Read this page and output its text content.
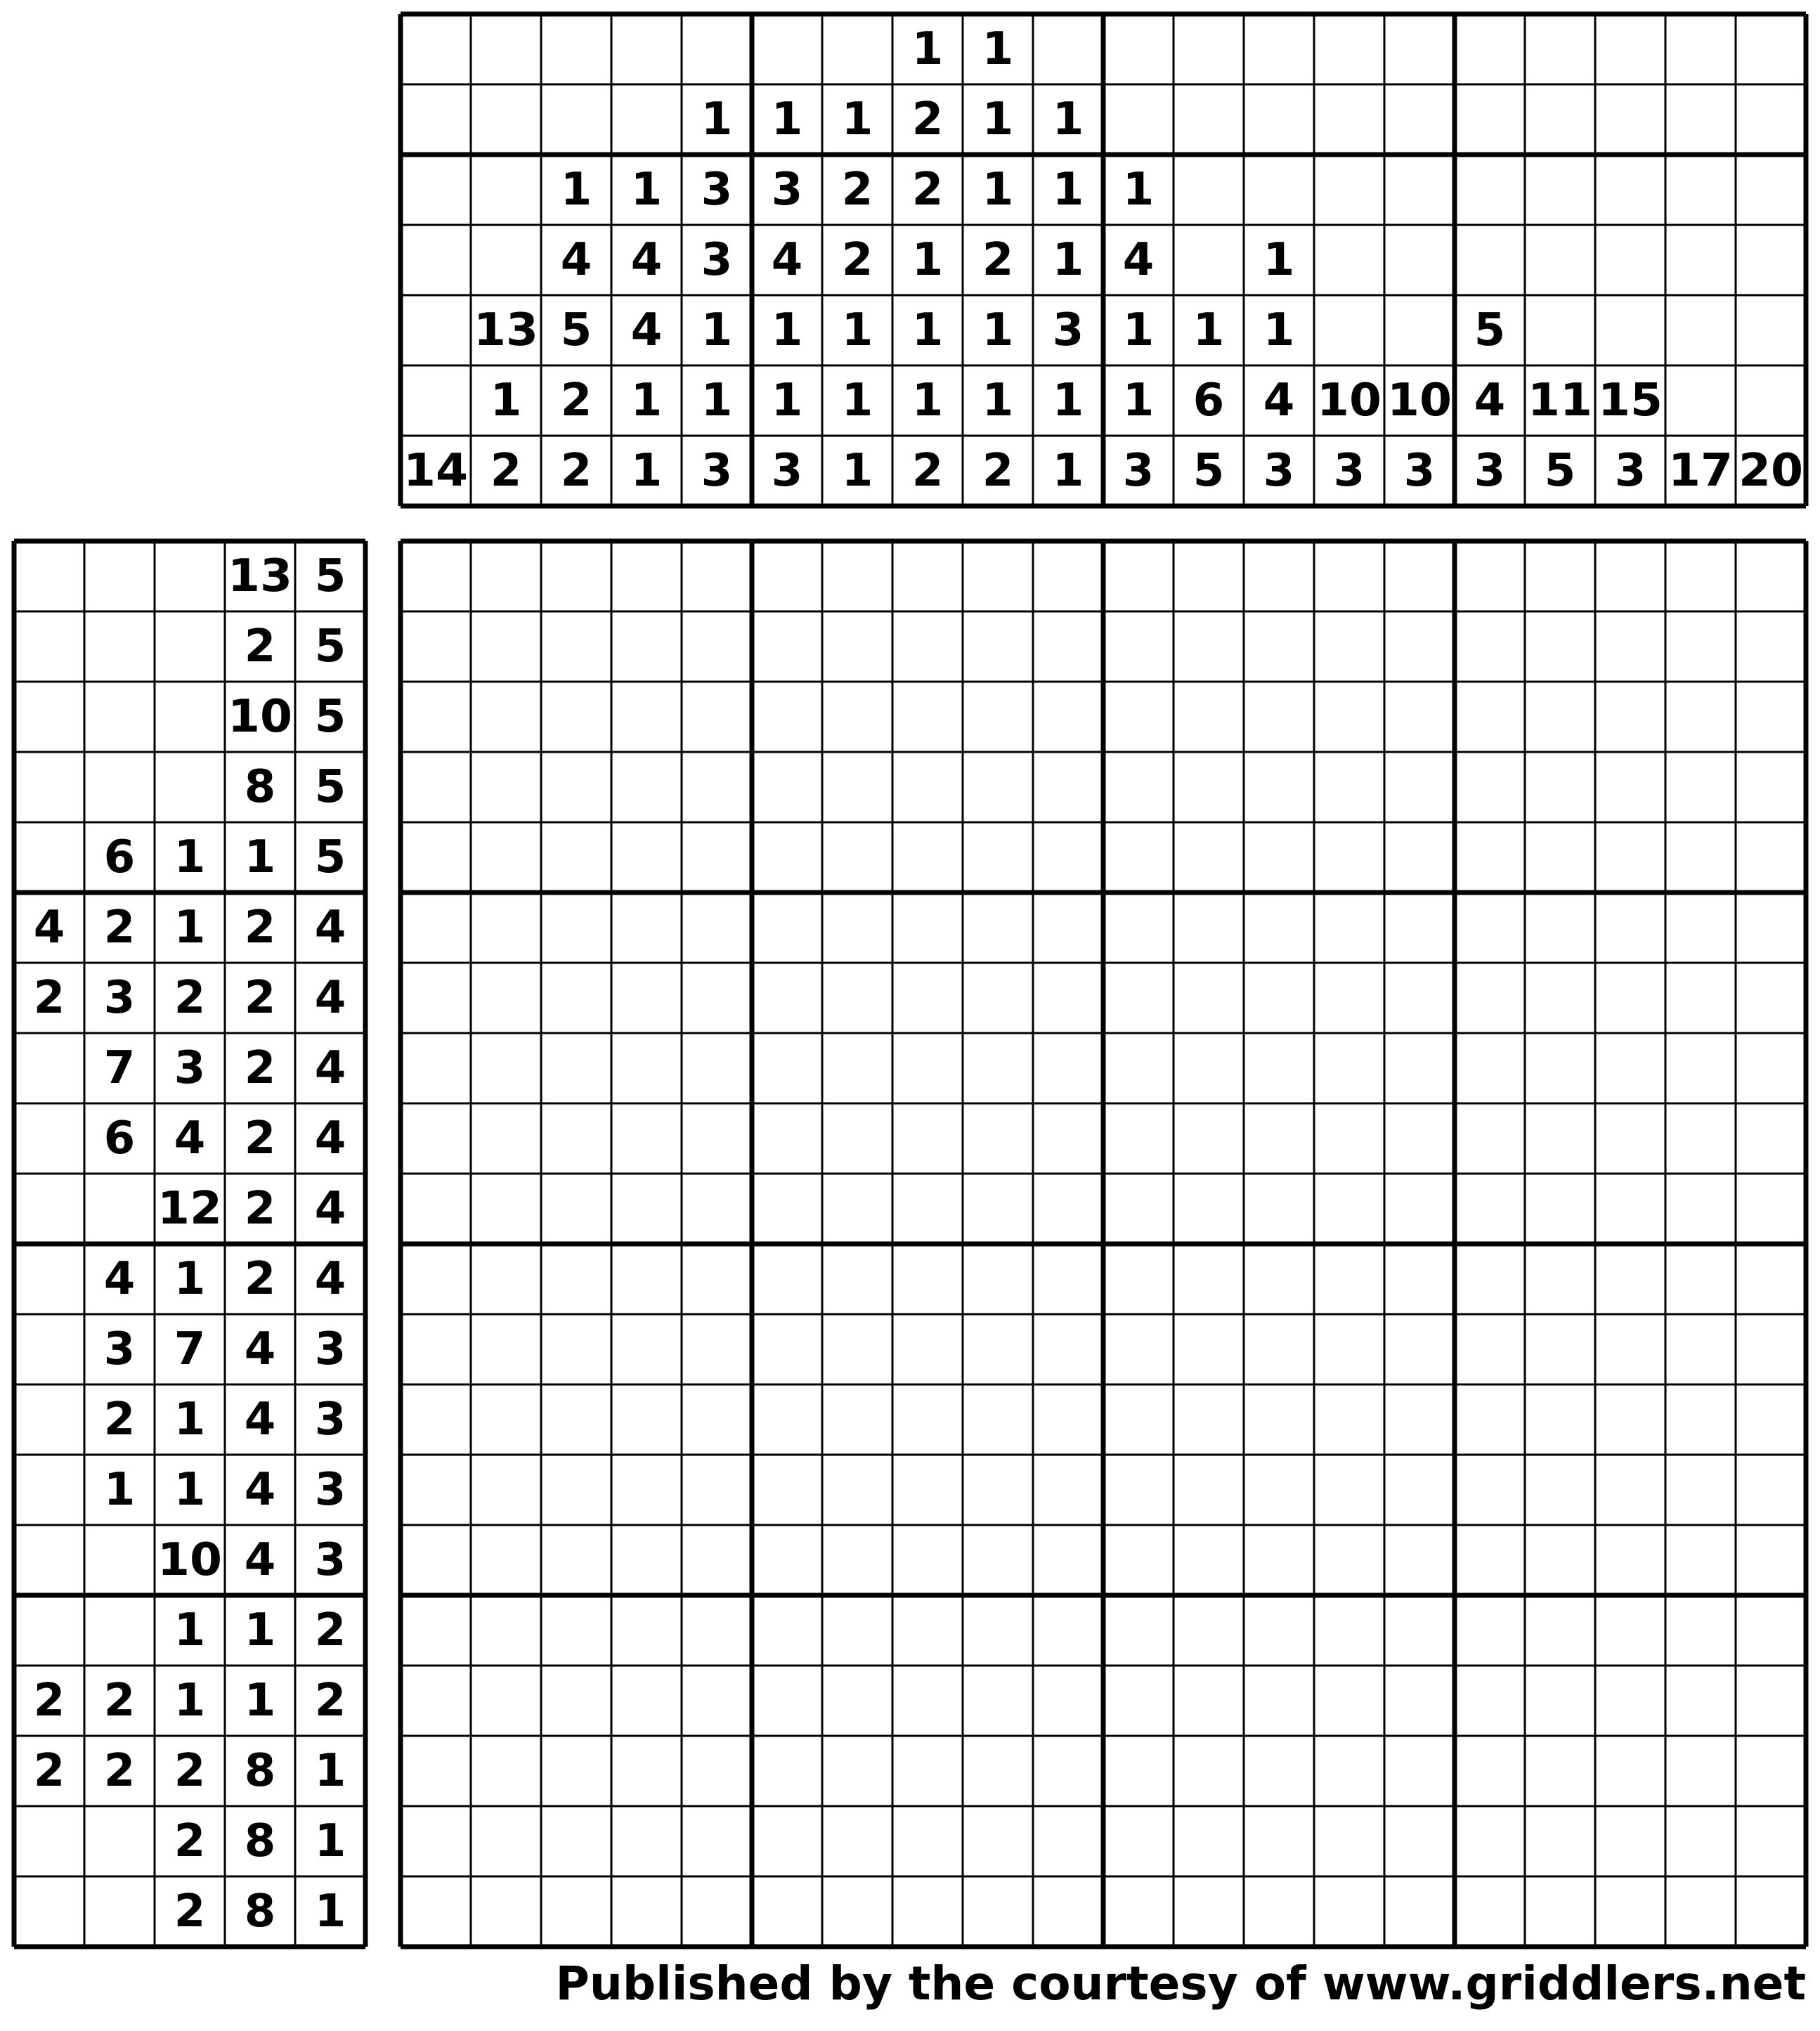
14
13
1
2
1
4
5
2
2
1
4
4
1
1
1
3
3
1
1
3
1
3
4
1
1
3
1
2
2
1
1
1
1
2
2
1
1
1
2
1
1
1
2
1
1
2
1
1
1
3
1
1
1
4
1
1
3
1
6
5
1
1
4
3
10
3
10
3
5
4
3
11
5
15
3 17 20
13 5
2 5
10 5
8 5
6 1 1 5
4 2 1 2 4
2 3 2 2 4
7 3 2 4
6 4 2 4
12 2 4
4 1 2 4
3 7 4 3
2 1 4 3
1 1 4 3
10 4 3
1 1 2
2 2 1 1 2
2 2 2 8 1
2 8 1
2 8 1
Published by the courtesy of www.griddlers.net
